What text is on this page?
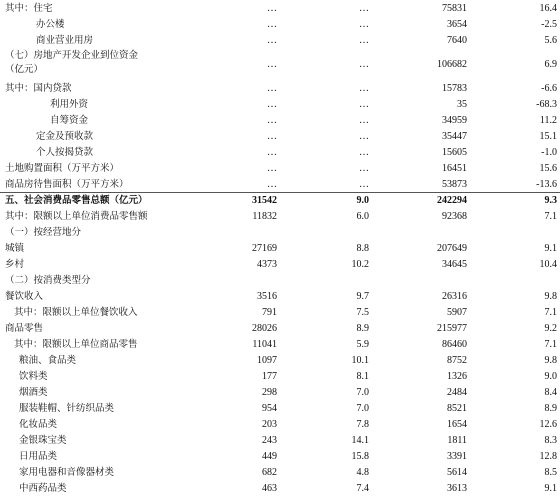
其中：住宅	…	…	75831	16.4
办公楼	…	…	3654	-2.5
商业营业用房	…	…	7640	5.6
（七）房地产开发企业到位资金
（亿元）	…	…	106682	6.9
其中：国内贷款	…	…	15783	-6.6
利用外资	…	…	35	-68.3
自筹资金	…	…	34959	11.2
定金及预收款	…	…	35447	15.1
个人按揭贷款	…	…	15605	-1.0
土地购置面积（万平方米）	…	…	16451	15.6
商品房待售面积（万平方米）	…	…	53873	-13.6
五、社会消费品零售总额（亿元）	31542	9.0	242294	9.3
其中：限额以上单位消费品零售额	11832	6.0	92368	7.1
（一）按经营地分
城镇	27169	8.8	207649	9.1
乡村	4373	10.2	34645	10.4
（二）按消费类型分
餐饮收入	3516	9.7	26316	9.8
其中：限额以上单位餐饮收入	791	7.5	5907	7.1
商品零售	28026	8.9	215977	9.2
其中：限额以上单位商品零售	11041	5.9	86460	7.1
粮油、食品类	1097	10.1	8752	9.8
饮料类	177	8.1	1326	9.0
烟酒类	298	7.0	2484	8.4
服装鞋帽、针纺织品类	954	7.0	8521	8.9
化妆品类	203	7.8	1654	12.6
金银珠宝类	243	14.1	1811	8.3
日用品类	449	15.8	3391	12.8
家用电器和音像器材类	682	4.8	5614	8.5
中西药品类	463	7.4	3613	9.1
